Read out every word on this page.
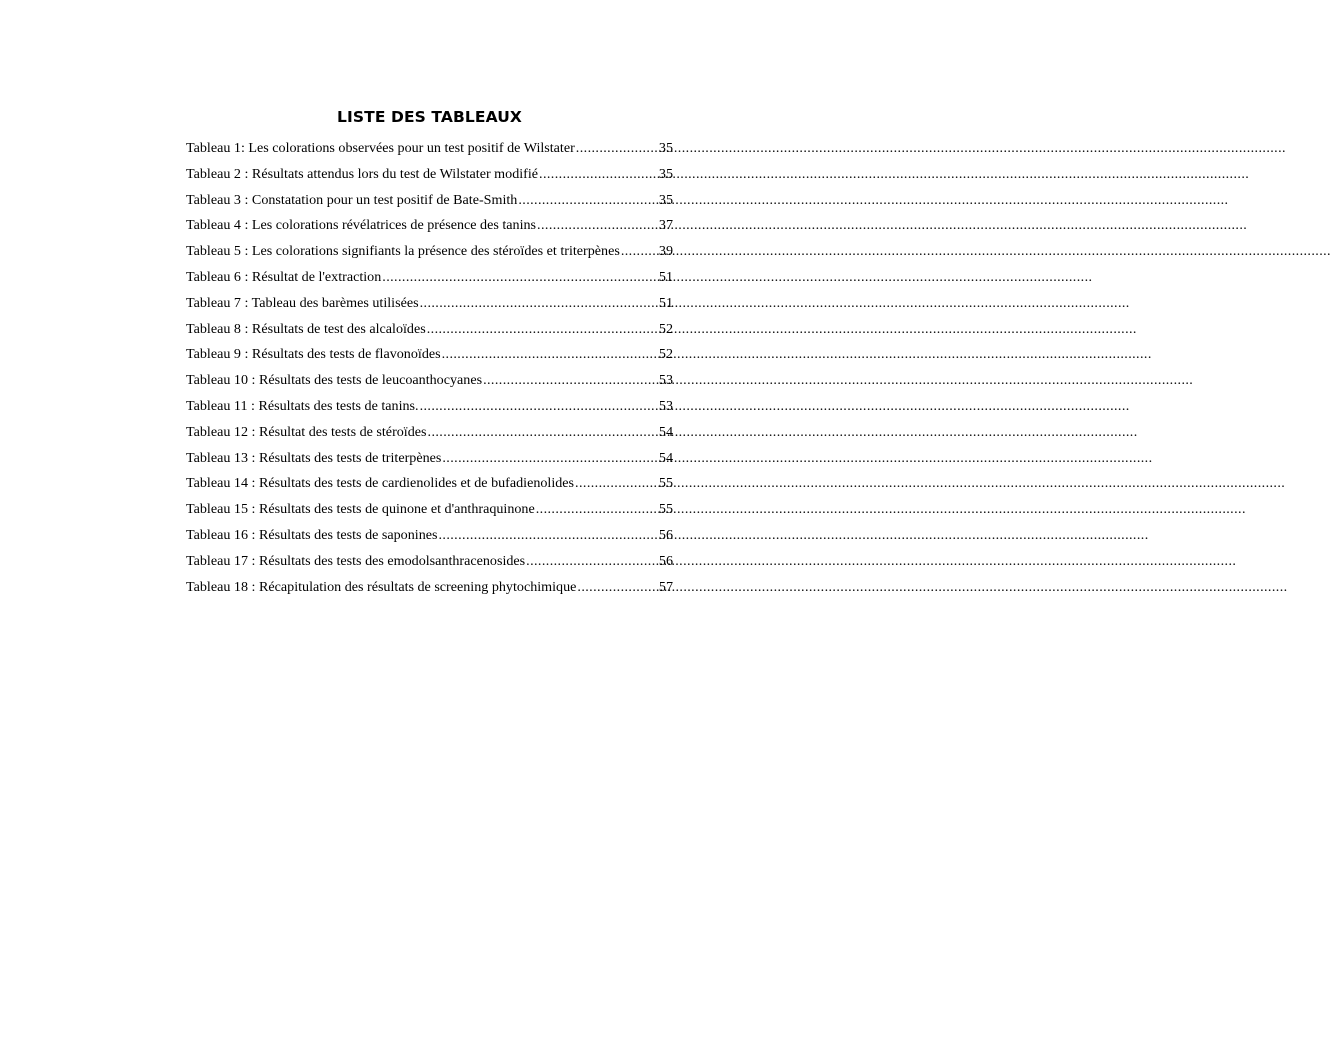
LISTE DES TABLEAUX
Tableau 1: Les colorations observées pour un test positif de Wilstater .....	35
Tableau 2 : Résultats attendus lors du test de Wilstater modifié .....	35
Tableau 3 : Constatation pour un test positif de Bate-Smith .....	35
Tableau 4 : Les colorations révélatrices de présence des tanins .....	37
Tableau 5 : Les colorations signifiants la présence des stéroïdes et triterpènes .....	39
Tableau 6 : Résultat de l'extraction .....	51
Tableau 7 : Tableau des barèmes utilisées .....	51
Tableau 8 : Résultats de test des alcaloïdes .....	52
Tableau 9 : Résultats des tests de flavonoïdes .....	52
Tableau 10 : Résultats des tests de leucoanthocyanes .....	53
Tableau 11 : Résultats des tests de tanins. .....	53
Tableau 12 : Résultat des tests de stéroïdes .....	54
Tableau 13 : Résultats des tests de triterpènes .....	54
Tableau 14 : Résultats des tests de cardienolides et de bufadienolides .....	55
Tableau 15 : Résultats des tests de quinone et d'anthraquinone .....	55
Tableau 16 : Résultats des tests de saponines .....	56
Tableau 17 : Résultats des tests des emodolsanthracenosides .....	56
Tableau 18 : Récapitulation des résultats de screening phytochimique .....	57
